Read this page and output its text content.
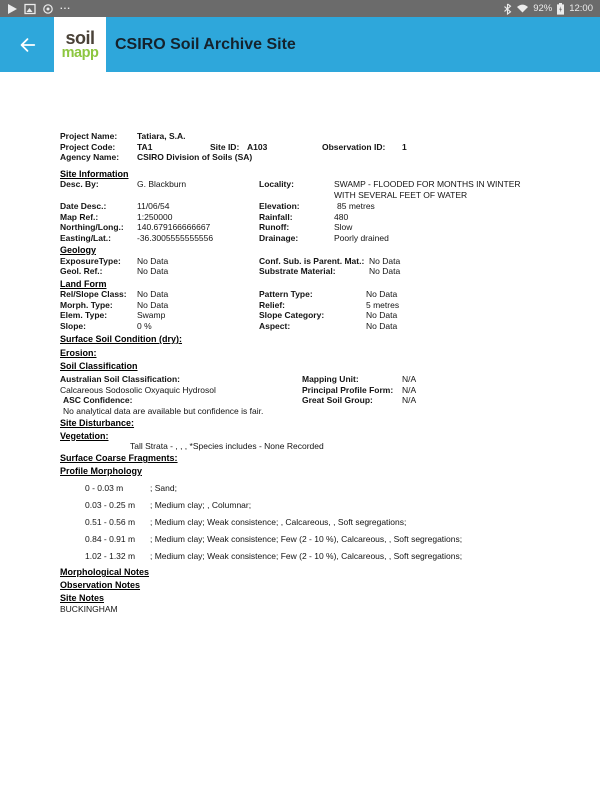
...	92% 12:00
soil
mapp
CSIRO Soil Archive Site
Project Name:	Tatiara, S.A.
Project Code:	TA1	Site ID: A103	Observation ID:	1
Agency Name:	CSIRO Division of Soils (SA)
Site Information
Desc. By:	G. Blackburn	Locality:	SWAMP - FLOODED FOR MONTHS IN WINTER
WITH SEVERAL FEET OF WATER
Date Desc.:	11/06/54	Elevation:	85 metres
Map Ref.:	1:250000	Rainfall:	480
Northing/Long.:	140.679166666667	Runoff:	Slow
Easting/Lat.:	-36.3005555555556	Drainage:	Poorly drained
Geology
ExposureType:	No Data	Conf. Sub. is Parent. Mat.: No Data
Geol. Ref.:	No Data	Substrate Material:	No Data
Land Form
Rel/Slope Class:	No Data	Pattern Type:	No Data
Morph. Type:	No Data	Relief:	5 metres
Elem. Type:	Swamp	Slope Category:	No Data
Slope:	0 %	Aspect:	No Data
Surface Soil Condition (dry):
Erosion:
Soil Classification
Australian Soil Classification:
Calcareous Sodosolic Oxyaquic Hydrosol
ASC Confidence:
No analytical data are available but confidence is fair.
Mapping Unit:	N/A
Principal Profile Form:	N/A
Great Soil Group:	N/A
Site Disturbance:
Vegetation:
Tall Strata - , , , *Species includes - None Recorded
Surface Coarse Fragments:
Profile Morphology
0 - 0.03 m	; Sand;
0.03 - 0.25 m	; Medium clay; , Columnar;
0.51 - 0.56 m	; Medium clay; Weak consistence; , Calcareous, , Soft segregations;
0.84 - 0.91 m	; Medium clay; Weak consistence; Few (2 - 10 %), Calcareous, , Soft segregations;
1.02 - 1.32 m	; Medium clay; Weak consistence; Few (2 - 10 %), Calcareous, , Soft segregations;
Morphological Notes
Observation Notes
Site Notes
BUCKINGHAM
